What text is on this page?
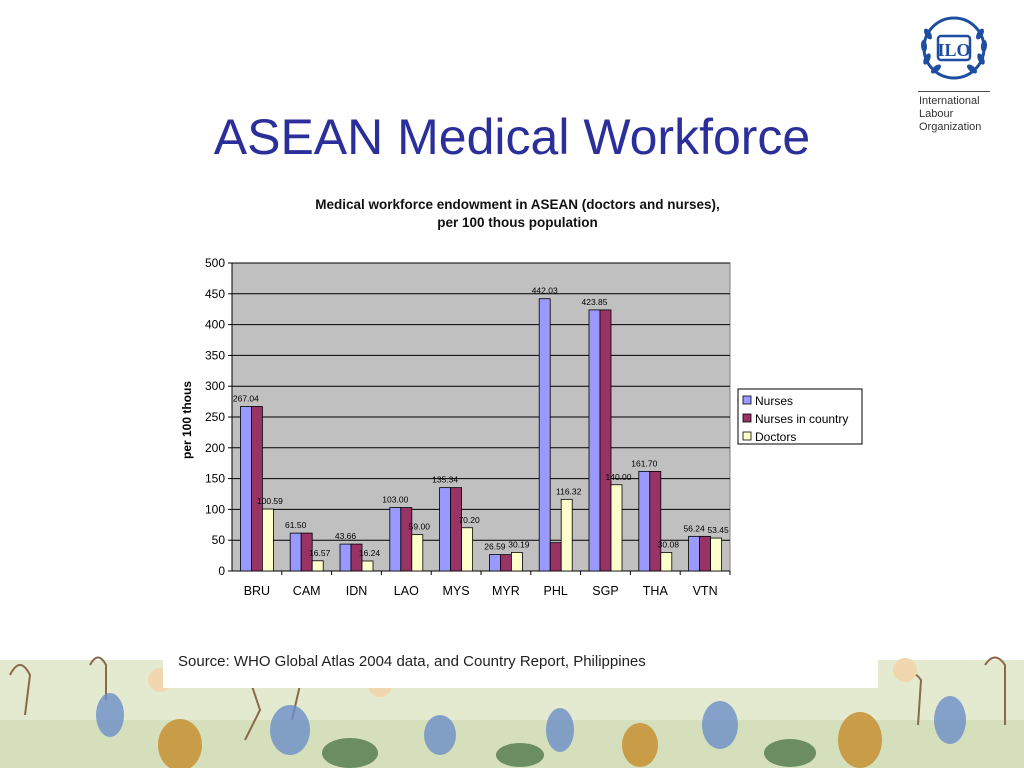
ASEAN Medical Workforce
ILO
International
Labour
Organization
Medical workforce endowment in ASEAN (doctors and nurses),
per 100 thous population
0
50
100
150
200
250
300
350
400
450
500
per 100 thous	267.04
100.59
BRU
61.50
16.57
CAM
43.66
16.24
IDN
103.00
59.00
LAO
135.34
70.20
MYS
26.59 30.19
MYR
442.03
116.32
PHL
423.85
140.00
SGP
161.70
30.08
THA
56.24 53.45
VTN
Nurses
Nurses in country
Doctors
Source: WHO Global Atlas 2004 data, and Country Report, Philippines
